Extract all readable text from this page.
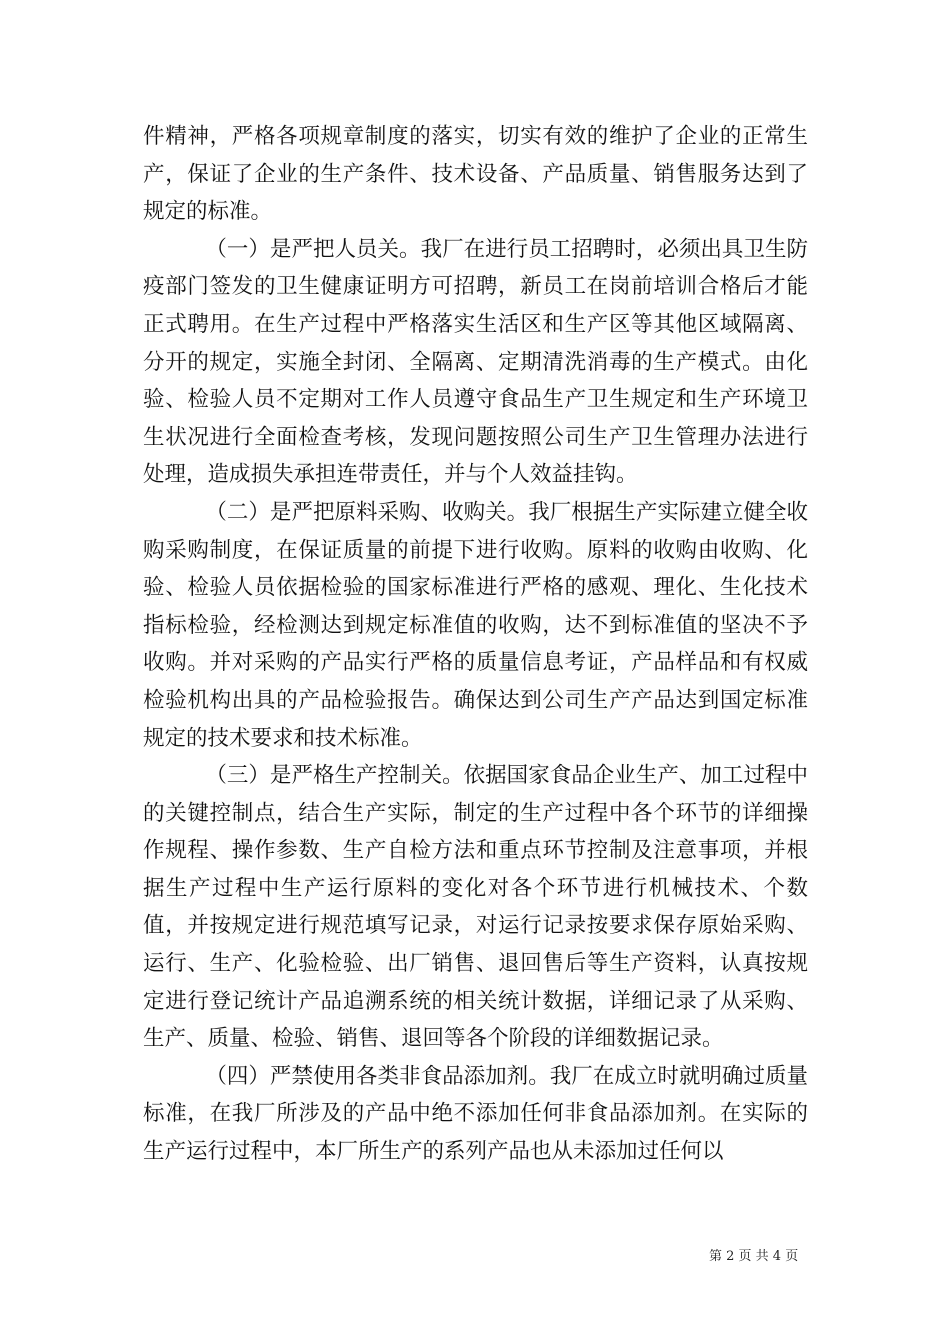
件精神，严格各项规章制度的落实，切实有效的维护了企业的正常生产，保证了企业的生产条件、技术设备、产品质量、销售服务达到了规定的标准。

（一）是严把人员关。我厂在进行员工招聘时，必须出具卫生防疫部门签发的卫生健康证明方可招聘，新员工在岗前培训合格后才能正式聘用。在生产过程中严格落实生活区和生产区等其他区域隔离、分开的规定，实施全封闭、全隔离、定期清洗消毒的生产模式。由化验、检验人员不定期对工作人员遵守食品生产卫生规定和生产环境卫生状况进行全面检查考核，发现问题按照公司生产卫生管理办法进行处理，造成损失承担连带责任，并与个人效益挂钩。

（二）是严把原料采购、收购关。我厂根据生产实际建立健全收购采购制度，在保证质量的前提下进行收购。原料的收购由收购、化验、检验人员依据检验的国家标准进行严格的感观、理化、生化技术指标检验，经检测达到规定标准值的收购，达不到标准值的坚决不予收购。并对采购的产品实行严格的质量信息考证，产品样品和有权威检验机构出具的产品检验报告。确保达到公司生产产品达到国定标准规定的技术要求和技术标准。

（三）是严格生产控制关。依据国家食品企业生产、加工过程中的关键控制点，结合生产实际，制定的生产过程中各个环节的详细操作规程、操作参数、生产自检方法和重点环节控制及注意事项，并根据生产过程中生产运行原料的变化对各个环节进行机械技术、个数值，并按规定进行规范填写记录，对运行记录按要求保存原始采购、运行、生产、化验检验、出厂销售、退回售后等生产资料，认真按规定进行登记统计产品追溯系统的相关统计数据，详细记录了从采购、生产、质量、检验、销售、退回等各个阶段的详细数据记录。

（四）严禁使用各类非食品添加剂。我厂在成立时就明确过质量标准，在我厂所涉及的产品中绝不添加任何非食品添加剂。在实际的生产运行过程中，本厂所生产的系列产品也从未添加过任何以

第 2 页 共 4 页
